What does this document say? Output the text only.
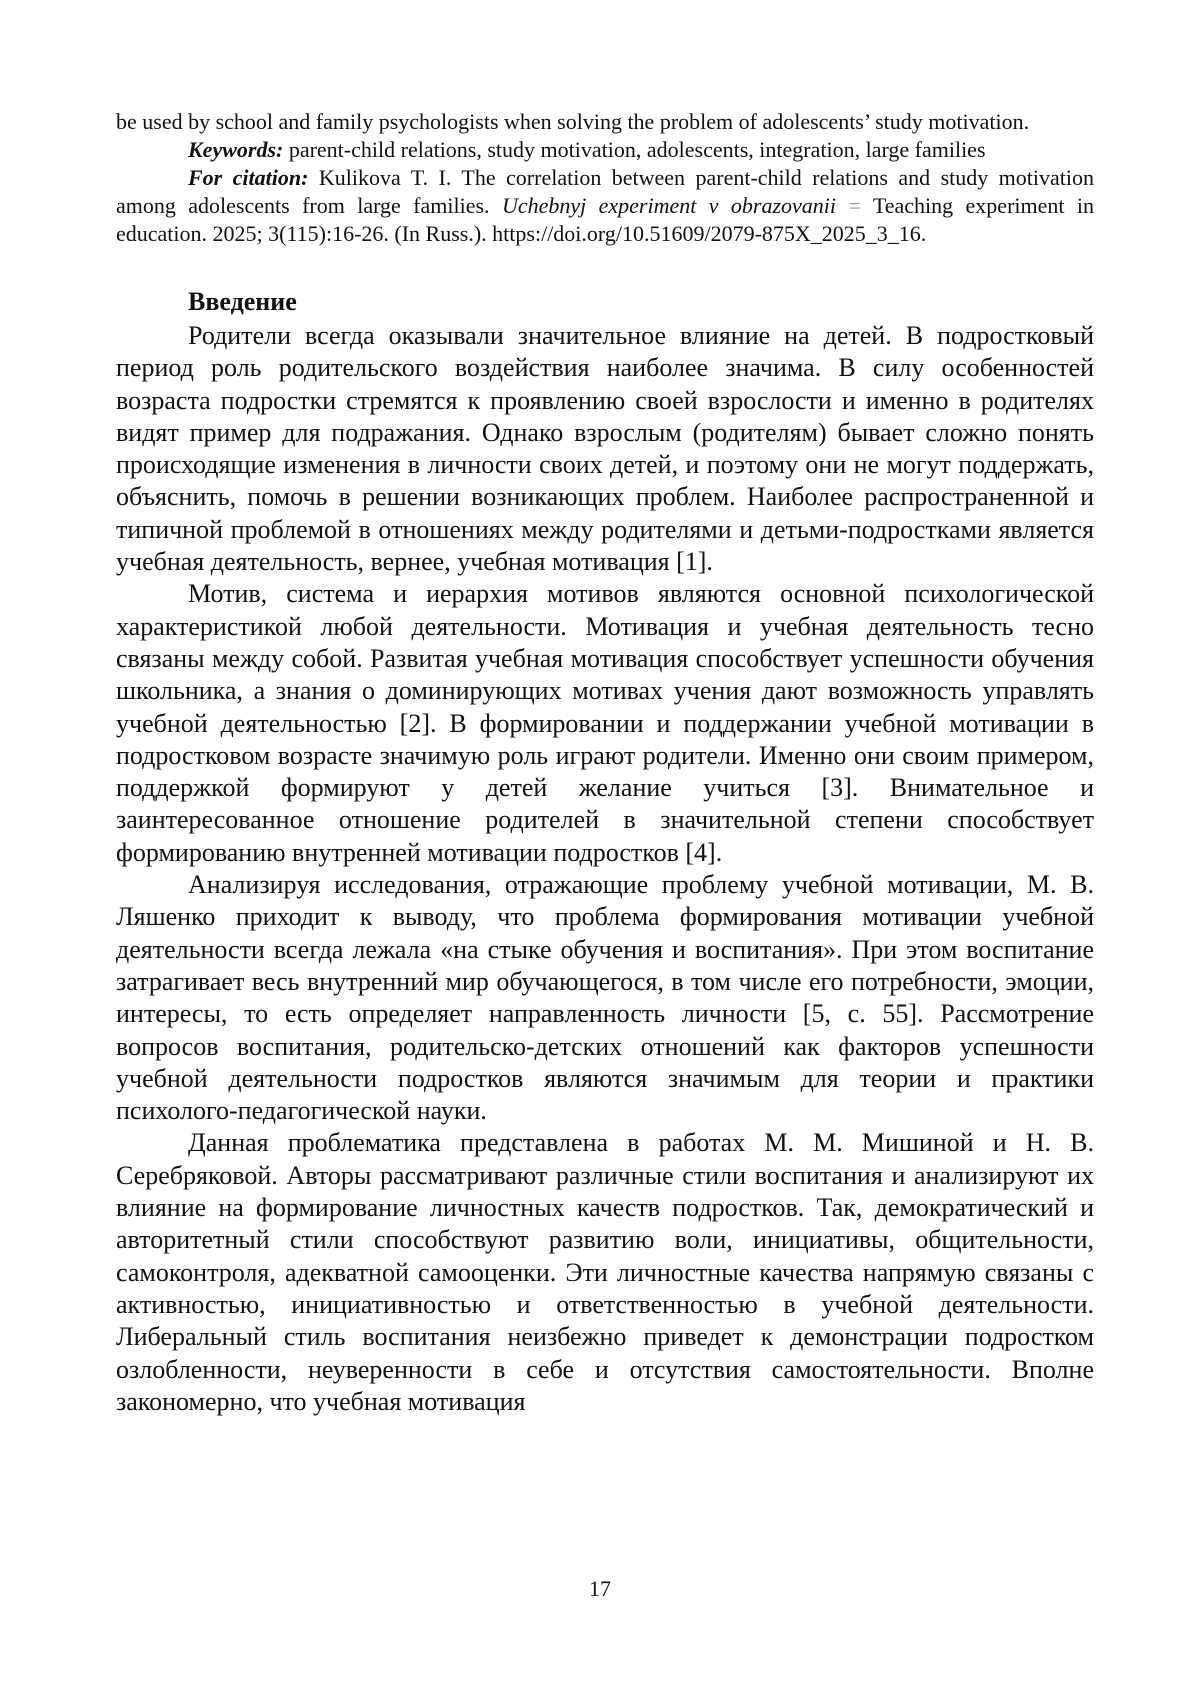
be used by school and family psychologists when solving the problem of adolescents’ study motivation.

Keywords: parent-child relations, study motivation, adolescents, integration, large families

For citation: Kulikova T. I. The correlation between parent-child relations and study motivation among adolescents from large families. Uchebnyj experiment v obrazovanii = Teaching experiment in education. 2025; 3(115):16-26. (In Russ.). https://doi.org/10.51609/2079-875X_2025_3_16.

Введение

Родители всегда оказывали значительное влияние на детей. В подростковый период роль родительского воздействия наиболее значима. В силу особенностей возраста подростки стремятся к проявлению своей взрослости и именно в родителях видят пример для подражания. Однако взрослым (родителям) бывает сложно понять происходящие изменения в личности своих детей, и поэтому они не могут поддержать, объяснить, помочь в решении возникающих проблем. Наиболее распространенной и типичной проблемой в отношениях между родителями и детьми-подростками является учебная деятельность, вернее, учебная мотивация [1].

Мотив, система и иерархия мотивов являются основной психологической характеристикой любой деятельности. Мотивация и учебная деятельность тесно связаны между собой. Развитая учебная мотивация способствует успешности обучения школьника, а знания о доминирующих мотивах учения дают возможность управлять учебной деятельностью [2]. В формировании и поддержании учебной мотивации в подростковом возрасте значимую роль играют родители. Именно они своим примером, поддержкой формируют у детей желание учиться [3]. Внимательное и заинтересованное отношение родителей в значительной степени способствует формированию внутренней мотивации подростков [4].

Анализируя исследования, отражающие проблему учебной мотивации, М. В. Ляшенко приходит к выводу, что проблема формирования мотивации учебной деятельности всегда лежала «на стыке обучения и воспитания». При этом воспитание затрагивает весь внутренний мир обучающегося, в том числе его потребности, эмоции, интересы, то есть определяет направленность личности [5, с. 55]. Рассмотрение вопросов воспитания, родительско-детских отношений как факторов успешности учебной деятельности подростков являются значимым для теории и практики психолого-педагогической науки.

Данная проблематика представлена в работах М. М. Мишиной и Н. В. Серебряковой. Авторы рассматривают различные стили воспитания и анализируют их влияние на формирование личностных качеств подростков. Так, демократический и авторитетный стили способствуют развитию воли, инициативы, общительности, самоконтроля, адекватной самооценки. Эти личностные качества напрямую связаны с активностью, инициативностью и ответственностью в учебной деятельности. Либеральный стиль воспитания неизбежно приведет к демонстрации подростком озлобленности, неуверенности в себе и отсутствия самостоятельности. Вполне закономерно, что учебная мотивация

17
